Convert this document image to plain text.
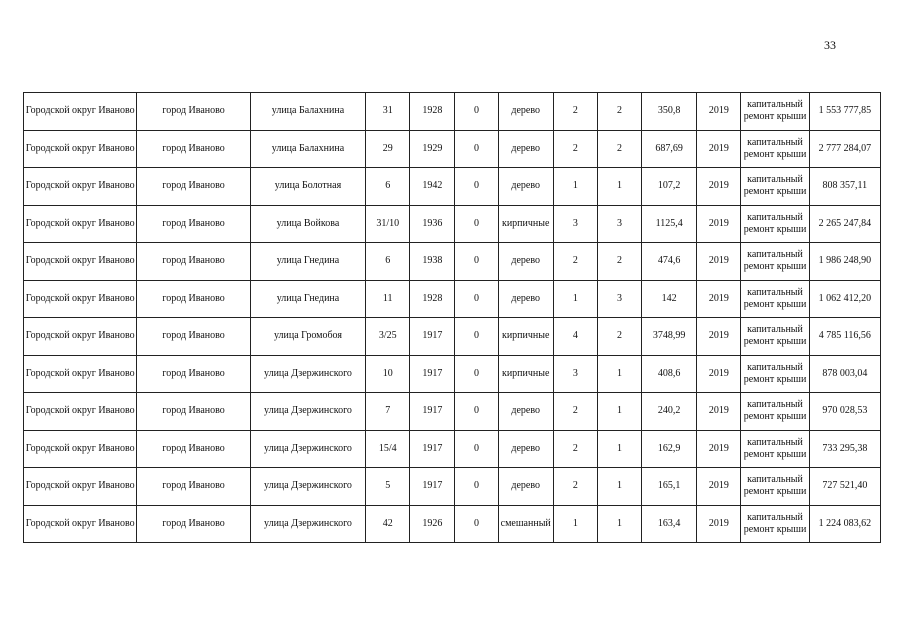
33
Городской округ Иваново	город Иваново	улица Балахнина	31	1928	0	дерево	2	2	350,8	2019	капитальный ремонт крыши	1 553 777,85
Городской округ Иваново	город Иваново	улица Балахнина	29	1929	0	дерево	2	2	687,69	2019	капитальный ремонт крыши	2 777 284,07
Городской округ Иваново	город Иваново	улица Болотная	6	1942	0	дерево	1	1	107,2	2019	капитальный ремонт крыши	808 357,11
Городской округ Иваново	город Иваново	улица Войкова	31/10	1936	0	кирпичные	3	3	1125,4	2019	капитальный ремонт крыши	2 265 247,84
Городской округ Иваново	город Иваново	улица Гнедина	6	1938	0	дерево	2	2	474,6	2019	капитальный ремонт крыши	1 986 248,90
Городской округ Иваново	город Иваново	улица Гнедина	11	1928	0	дерево	1	3	142	2019	капитальный ремонт крыши	1 062 412,20
Городской округ Иваново	город Иваново	улица Громобоя	3/25	1917	0	кирпичные	4	2	3748,99	2019	капитальный ремонт крыши	4 785 116,56
Городской округ Иваново	город Иваново	улица Дзержинского	10	1917	0	кирпичные	3	1	408,6	2019	капитальный ремонт крыши	878 003,04
Городской округ Иваново	город Иваново	улица Дзержинского	7	1917	0	дерево	2	1	240,2	2019	капитальный ремонт крыши	970 028,53
Городской округ Иваново	город Иваново	улица Дзержинского	15/4	1917	0	дерево	2	1	162,9	2019	капитальный ремонт крыши	733 295,38
Городской округ Иваново	город Иваново	улица Дзержинского	5	1917	0	дерево	2	1	165,1	2019	капитальный ремонт крыши	727 521,40
Городской округ Иваново	город Иваново	улица Дзержинского	42	1926	0	смешанный	1	1	163,4	2019	капитальный ремонт крыши	1 224 083,62
